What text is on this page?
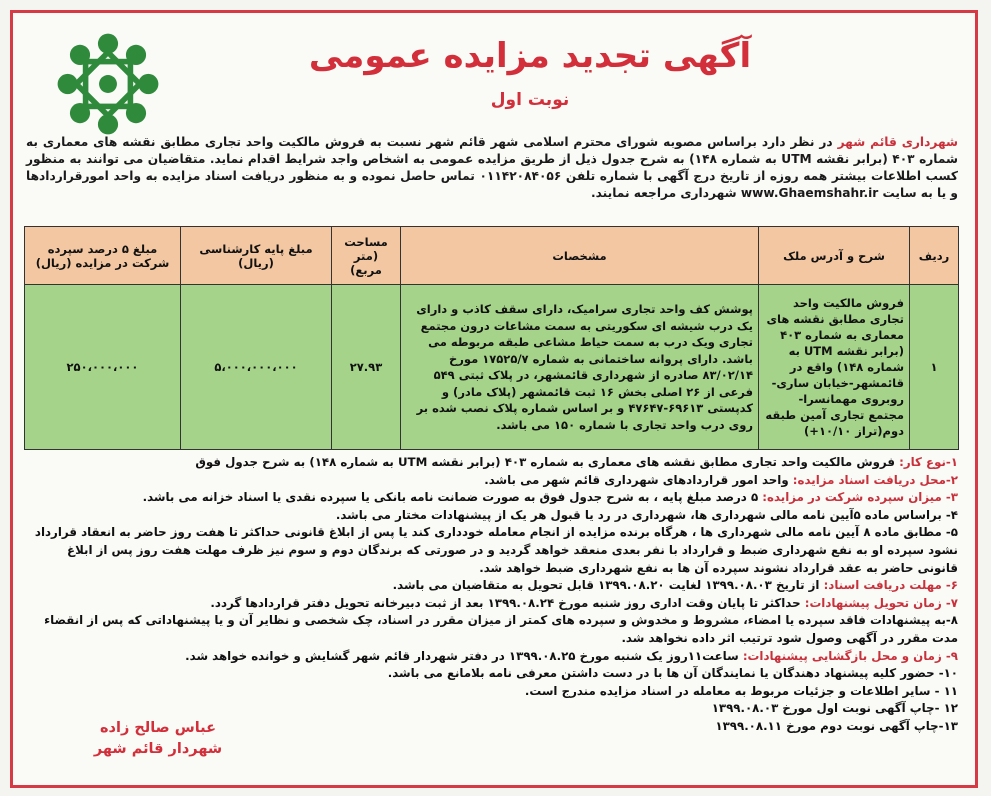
آگهی تجدید مزایده عمومی
نوبت اول
شهرداری قائم شهر در نظر دارد براساس مصوبه شورای محترم اسلامی شهر قائم شهر نسبت به فروش مالکیت واحد تجاری مطابق نقشه های معماری به شماره ۴۰۳ (برابر نقشه UTM به شماره ۱۴۸) به شرح جدول ذیل از طریق مزایده عمومی به اشخاص واجد شرایط اقدام نماید. متقاضیان می توانند به منظور کسب اطلاعات بیشتر همه روزه از تاریخ درج آگهی با شماره تلفن ۰۱۱۴۲۰۸۴۰۵۶ تماس حاصل نموده و به منظور دریافت اسناد مزایده به واحد امورقراردادها و یا به سایت www.Ghaemshahr.ir شهرداری مراجعه نمایند.

ردیف	شرح و آدرس ملک	مشخصات	مساحت (متر مربع)	مبلغ پایه کارشناسی (ریال)	مبلغ ۵ درصد سپرده شرکت در مزایده (ریال)
۱	فروش مالکیت واحد تجاری مطابق نقشه های معماری به شماره ۴۰۳ (برابر نقشه UTM به شماره ۱۴۸) واقع در قائمشهر-خیابان ساری-روبروی مهمانسرا-مجتمع تجاری آمین طبقه دوم(تراز ۱۰/۱۰+)	پوشش کف واحد تجاری سرامیک، دارای سقف کاذب و دارای یک درب شیشه ای سکوریتی به سمت مشاعات درون مجتمع تجاری ویک درب به سمت حیاط مشاعی طبقه مربوطه می باشد. دارای پروانه ساختمانی به شماره ۱۷۵۲۵/۷ مورخ ۸۳/۰۲/۱۴ صادره از شهرداری قائمشهر، در پلاک ثبتی ۵۴۹ فرعی از ۲۶ اصلی بخش ۱۶ ثبت قائمشهر (پلاک مادر) و کدپستی ۶۹۶۱۳-۴۷۶۴۷ و بر اساس شماره پلاک نصب شده بر روی درب واحد تجاری با شماره ۱۵۰ می باشد.	۲۷.۹۳	۵،۰۰۰،۰۰۰،۰۰۰	۲۵۰،۰۰۰،۰۰۰
۱-نوع کار: فروش مالکیت واحد تجاری مطابق نقشه های معماری به شماره ۴۰۳ (برابر نقشه UTM به شماره ۱۴۸) به شرح جدول فوق
۲-محل دریافت اسناد مزایده: واحد امور قراردادهای شهرداری قائم شهر می باشد.
۳- میزان سپرده شرکت در مزایده: ۵ درصد مبلغ پایه ، به شرح جدول فوق به صورت ضمانت نامه بانکی یا سپرده نقدی یا اسناد خزانه می باشد.
۴- براساس ماده ۵آیین نامه مالی شهرداری ها، شهرداری در رد یا قبول هر یک از پیشنهادات مختار می باشد.
۵- مطابق ماده ۸ آیین نامه مالی شهرداری ها ، هرگاه برنده مزایده از انجام معامله خودداری کند یا پس از ابلاغ قانونی حداکثر تا هفت روز حاضر به انعقاد قرارداد نشود سپرده او به نفع شهرداری ضبط و قرارداد با نفر بعدی منعقد خواهد گردید و در صورتی که برندگان دوم و سوم نیز ظرف مهلت هفت روز پس از ابلاغ قانونی حاضر به عقد قرارداد نشوند سپرده آن ها به نفع شهرداری ضبط خواهد شد.
۶- مهلت دریافت اسناد: از تاریخ ۱۳۹۹.۰۸.۰۳ لغایت ۱۳۹۹.۰۸.۲۰ قابل تحویل به متقاضیان می باشد.
۷- زمان تحویل پیشنهادات: حداکثر تا پایان وقت اداری روز شنبه مورخ ۱۳۹۹.۰۸.۲۴ بعد از ثبت دبیرخانه تحویل دفتر قراردادها گردد.
۸-به پیشنهادات فاقد سپرده یا امضاء، مشروط و مخدوش و سپرده های کمتر از میزان مقرر در اسناد، چک شخصی و نظایر آن و یا پیشنهاداتی که پس از انقضاء مدت مقرر در آگهی وصول شود ترتیب اثر داده نخواهد شد.
۹- زمان و محل بازگشایی پیشنهادات: ساعت۱۱روز یک شنبه مورخ ۱۳۹۹.۰۸.۲۵ در دفتر شهردار قائم شهر گشایش و خوانده خواهد شد.
۱۰- حضور کلیه پیشنهاد دهندگان یا نمایندگان آن ها با در دست داشتن معرفی نامه بلامانع می باشد.
۱۱ - سایر اطلاعات و جزئیات مربوط به معامله در اسناد مزایده مندرج است.
۱۲ -چاپ آگهی نوبت اول مورخ ۱۳۹۹.۰۸.۰۳
۱۳-چاپ آگهی نوبت دوم مورخ ۱۳۹۹.۰۸.۱۱
عباس صالح زاده
شهردار قائم شهر
